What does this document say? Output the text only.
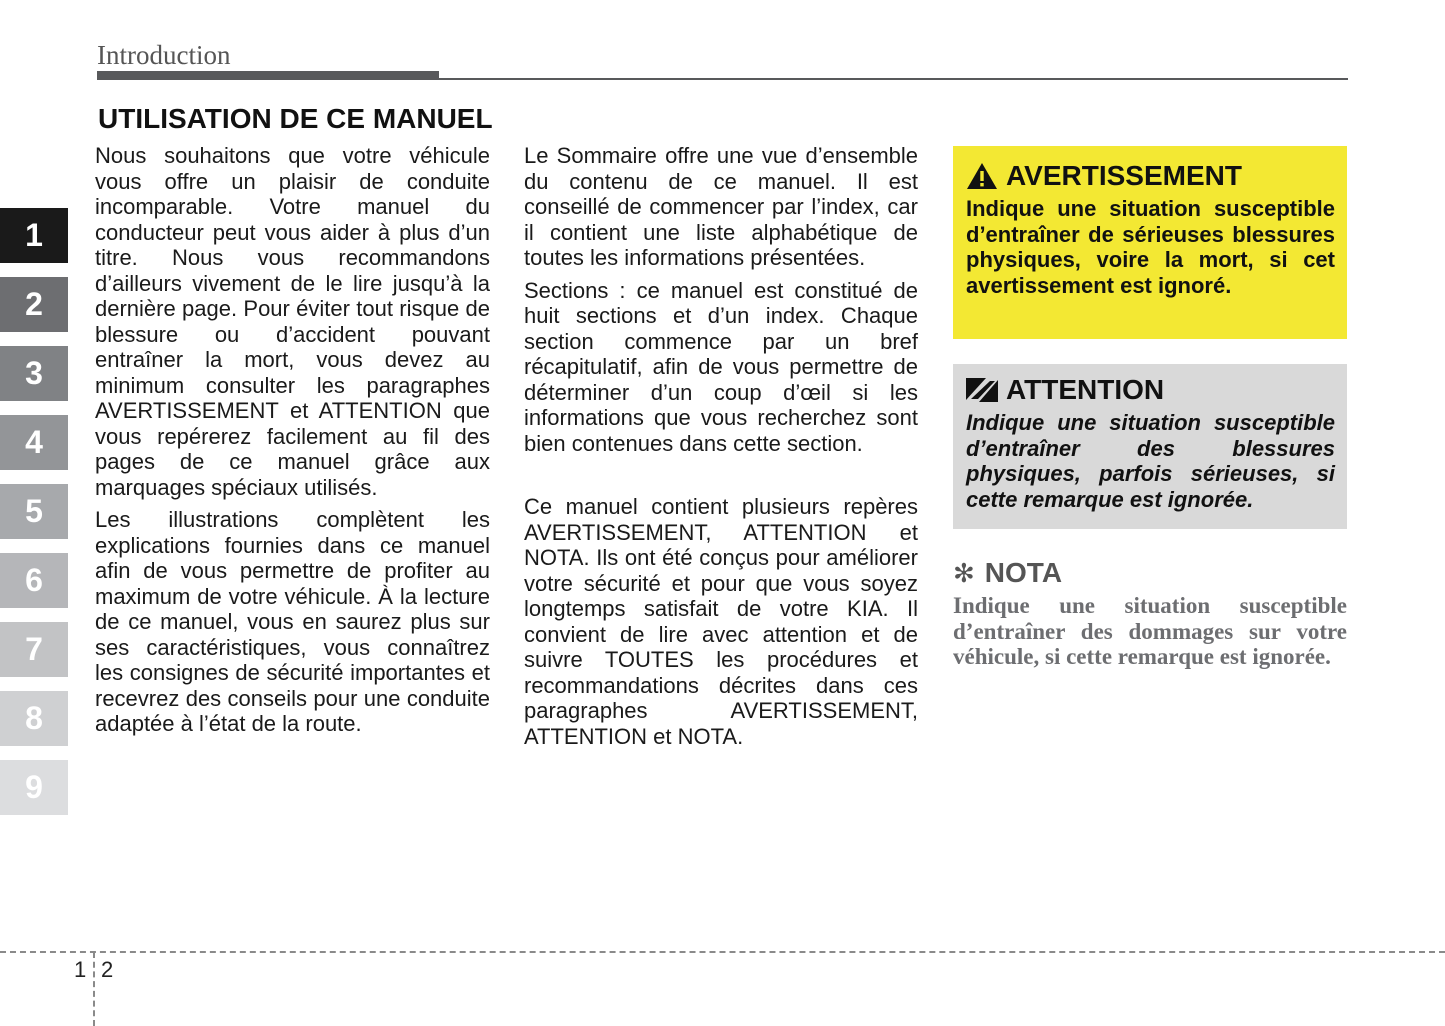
Introduction
UTILISATION DE CE MANUEL
1
2
3
4
5
6
7
8
9

Nous souhaitons que votre véhicule vous offre un plaisir de conduite incomparable. Votre manuel du conducteur peut vous aider à plus d’un titre. Nous vous recommandons d’ailleurs vivement de le lire jusqu’à la dernière page. Pour éviter tout risque de blessure ou d’accident pouvant entraîner la mort, vous devez au minimum consulter les paragraphes AVERTISSEMENT et ATTENTION que vous repérerez facilement au fil des pages de ce manuel grâce aux marquages spéciaux utilisés.

Les illustrations complètent les explications fournies dans ce manuel afin de vous permettre de profiter au maximum de votre véhicule. À la lecture de ce manuel, vous en saurez plus sur ses caractéristiques, vous connaîtrez les consignes de sécurité importantes et recevrez des conseils pour une conduite adaptée à l’état de la route.

Le Sommaire offre une vue d’ensemble du contenu de ce manuel. Il est conseillé de commencer par l’index, car il contient une liste alphabétique de toutes les informations présentées.

Sections : ce manuel est constitué de huit sections et d’un index. Chaque section commence par un bref récapitulatif, afin de vous permettre de déterminer d’un coup d’œil si les informations que vous recherchez sont bien contenues dans cette section.

Ce manuel contient plusieurs repères AVERTISSEMENT, ATTENTION et NOTA. Ils ont été conçus pour améliorer votre sécurité et pour que vous soyez longtemps satisfait de votre KIA. Il convient de lire avec attention et de suivre TOUTES les procédures et recommandations décrites dans ces paragraphes AVERTISSEMENT, ATTENTION et NOTA.

AVERTISSEMENT
Indique une situation susceptible d’entraîner de sérieuses blessures physiques, voire la mort, si cet avertissement est ignoré.
ATTENTION
Indique une situation susceptible d’entraîner des blessures physiques, parfois sérieuses, si cette remarque est ignorée.
✻ NOTA
Indique une situation susceptible d’entraîner des dommages sur votre véhicule, si cette remarque est ignorée.
1 2
